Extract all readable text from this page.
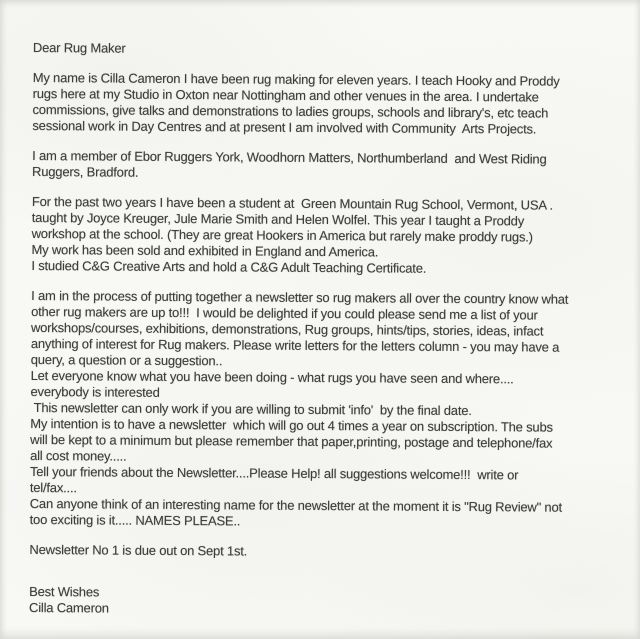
Dear Rug Maker
My name is Cilla Cameron I have been rug making for eleven years. I teach Hooky and Proddy
rugs here at my Studio in Oxton near Nottingham and other venues in the area. I undertake
commissions, give talks and demonstrations to ladies groups, schools and library's, etc teach
sessional work in Day Centres and at present I am involved with Community  Arts Projects.
I am a member of Ebor Ruggers York, Woodhorn Matters, Northumberland  and West Riding
Ruggers, Bradford.
For the past two years I have been a student at  Green Mountain Rug School, Vermont, USA .
taught by Joyce Kreuger, Jule Marie Smith and Helen Wolfel. This year I taught a Proddy
workshop at the school. (They are great Hookers in America but rarely make proddy rugs.)
My work has been sold and exhibited in England and America.
I studied C&G Creative Arts and hold a C&G Adult Teaching Certificate.
I am in the process of putting together a newsletter so rug makers all over the country know what
other rug makers are up to!!!  I would be delighted if you could please send me a list of your
workshops/courses, exhibitions, demonstrations, Rug groups, hints/tips, stories, ideas, infact
anything of interest for Rug makers. Please write letters for the letters column - you may have a
query, a question or a suggestion..
Let everyone know what you have been doing - what rugs you have seen and where....
everybody is interested
This newsletter can only work if you are willing to submit 'info'  by the final date.
My intention is to have a newsletter  which will go out 4 times a year on subscription. The subs
will be kept to a minimum but please remember that paper,printing, postage and telephone/fax
all cost money.....
Tell your friends about the Newsletter....Please Help! all suggestions welcome!!!  write or
tel/fax....
Can anyone think of an interesting name for the newsletter at the moment it is "Rug Review" not
too exciting is it..... NAMES PLEASE..
Newsletter No 1 is due out on Sept 1st.
Best Wishes
Cilla Cameron
